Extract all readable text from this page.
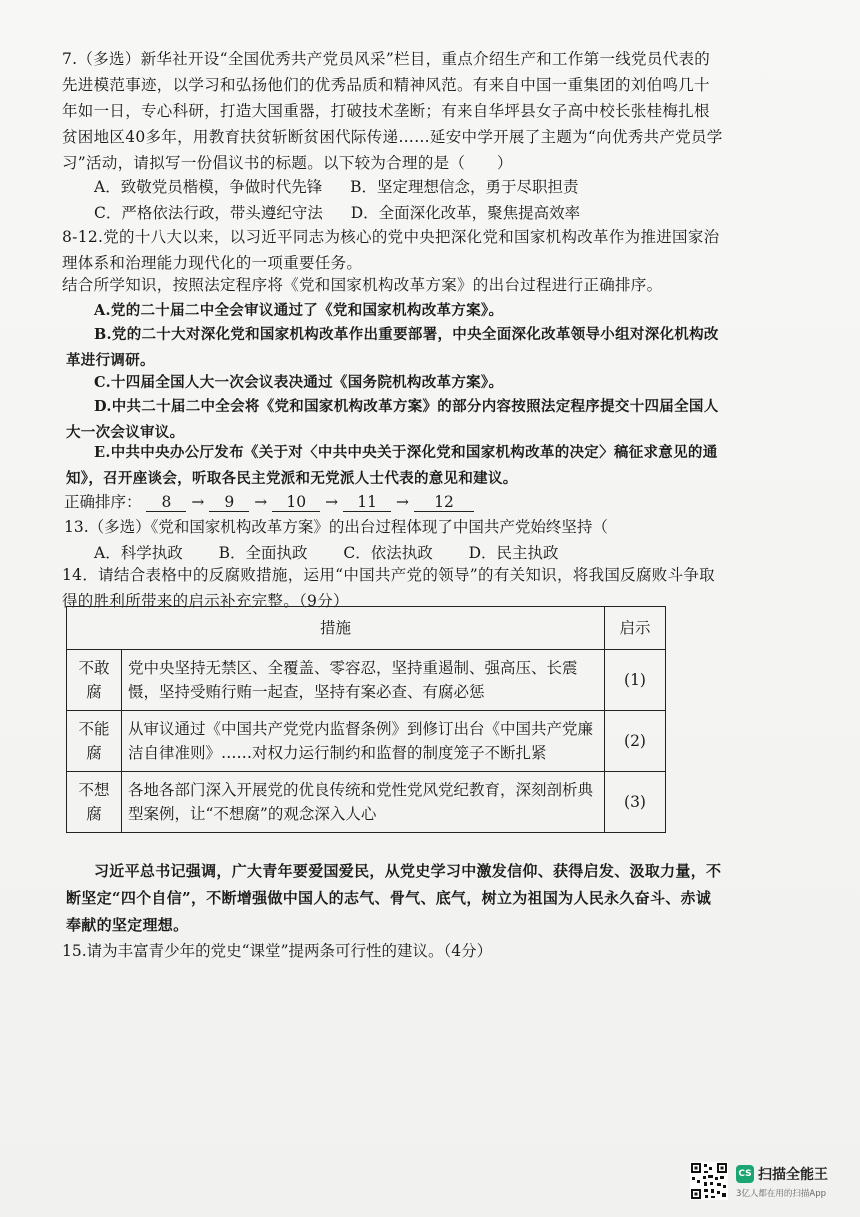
7.（多选）新华社开设“全国优秀共产党员风采”栏目，重点介绍生产和工作第一线党员代表的先进模范事迹，以学习和弘扬他们的优秀品质和精神风范。有来自中国一重集团的刘伯鸣几十年如一日，专心科研，打造大国重器，打破技术垄断；有来自华坪县女子高中校长张桂梅扎根贫困地区40多年，用教育扶贫斩断贫困代际传递……延安中学开展了主题为“向优秀共产党员学习”活动，请拟写一份倡议书的标题。以下较为合理的是（　　）

A．致敬党员楷模，争做时代先锋 B．坚定理想信念，勇于尽职担责
C．严格依法行政，带头遵纪守法 D．全面深化改革，聚焦提高效率

8-12.党的十八大以来，以习近平同志为核心的党中央把深化党和国家机构改革作为推进国家治理体系和治理能力现代化的一项重要任务。

结合所学知识，按照法定程序将《党和国家机构改革方案》的出台过程进行正确排序。

A.党的二十届二中全会审议通过了《党和国家机构改革方案》。

B.党的二十大对深化党和国家机构改革作出重要部署，中央全面深化改革领导小组对深化机构改革进行调研。

C.十四届全国人大一次会议表决通过《国务院机构改革方案》。

D.中共二十届二中全会将《党和国家机构改革方案》的部分内容按照法定程序提交十四届全国人大一次会议审议。

E.中共中央办公厅发布《关于对〈中共中央关于深化党和国家机构改革的决定〉稿征求意见的通知》，召开座谈会，听取各民主党派和无党派人士代表的意见和建议。

正确排序： 8 → 9 → 10 → 11 → 12

13.（多选）《党和国家机构改革方案》的出台过程体现了中国共产党始终坚持（

A．科学执政 B．全面执政 C．依法执政 D．民主执政

14．请结合表格中的反腐败措施，运用“中国共产党的领导”的有关知识，将我国反腐败斗争取得的胜利所带来的启示补充完整。（9分）

措施		启示
不敢腐	党中央坚持无禁区、全覆盖、零容忍，坚持重遏制、强高压、长震慑，坚持受贿行贿一起查，坚持有案必查、有腐必惩	(1)
不能腐	从审议通过《中国共产党党内监督条例》到修订出台《中国共产党廉洁自律准则》……对权力运行制约和监督的制度笼子不断扎紧	(2)
不想腐	各地各部门深入开展党的优良传统和党性党风党纪教育，深刻剖析典型案例，让“不想腐”的观念深入人心	(3)

习近平总书记强调，广大青年要爱国爱民，从党史学习中激发信仰、获得启发、汲取力量，不断坚定“四个自信”，不断增强做中国人的志气、骨气、底气，树立为祖国为人民永久奋斗、赤诚奉献的坚定理想。

15.请为丰富青少年的党史“课堂”提两条可行性的建议。（4分）

CS 扫描全能王
3亿人都在用的扫描App
